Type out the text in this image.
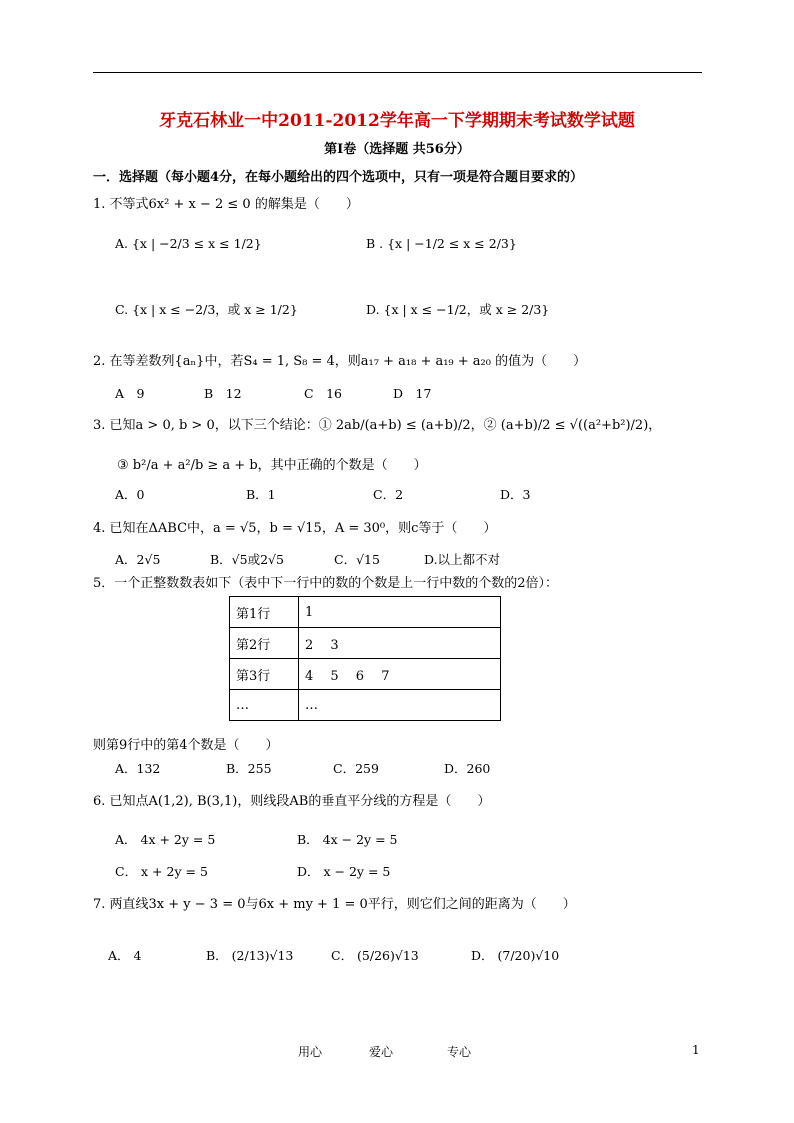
牙克石林业一中2011-2012学年高一下学期期末考试数学试题
第Ⅰ卷（选择题 共56分）
一．选择题（每小题4分，在每小题给出的四个选项中，只有一项是符合题目要求的）
1. 不等式6x² + x − 2 ≤ 0 的解集是（　　）
A. {x | −2/3 ≤ x ≤ 1/2}	B . {x | −1/2 ≤ x ≤ 2/3}
C. {x | x ≤ −2/3，或 x ≥ 1/2}	D. {x | x ≤ −1/2，或 x ≥ 2/3}
2. 在等差数列{aₙ}中，若S₄ = 1, S₈ = 4，则a₁₇ + a₁₈ + a₁₉ + a₂₀ 的值为（　　）
A　9	B　12	C　16	D　17
3. 已知a > 0, b > 0，以下三个结论：① 2ab/(a+b) ≤ (a+b)/2，② (a+b)/2 ≤ √((a²+b²)/2)，
③ b²/a + a²/b ≥ a + b，其中正确的个数是（　　）
A．0	B．1	C．2	D．3
4. 已知在ΔABC中，a = √5，b = √15，A = 30⁰，则c等于（　　）
A．2√5	B．√5或2√5	C．√15	D.以上都不对
5．一个正整数数表如下（表中下一行中的数的个数是上一行中数的个数的2倍）：
第1行	1
第2行	2　 3
第3行	4　 5　 6　 7
…	…
则第9行中的第4个数是（　　）
A．132	B．255	C．259	D．260
6. 已知点A(1,2), B(3,1)，则线段AB的垂直平分线的方程是（　　）
A． 4x + 2y = 5	B． 4x − 2y = 5
C． x + 2y = 5	D． x − 2y = 5
7. 两直线3x + y − 3 = 0与6x + my + 1 = 0平行，则它们之间的距离为（　　）
A． 4	B． (2/13)√13	C． (5/26)√13	D． (7/20)√10
用心	爱心	专心	1
